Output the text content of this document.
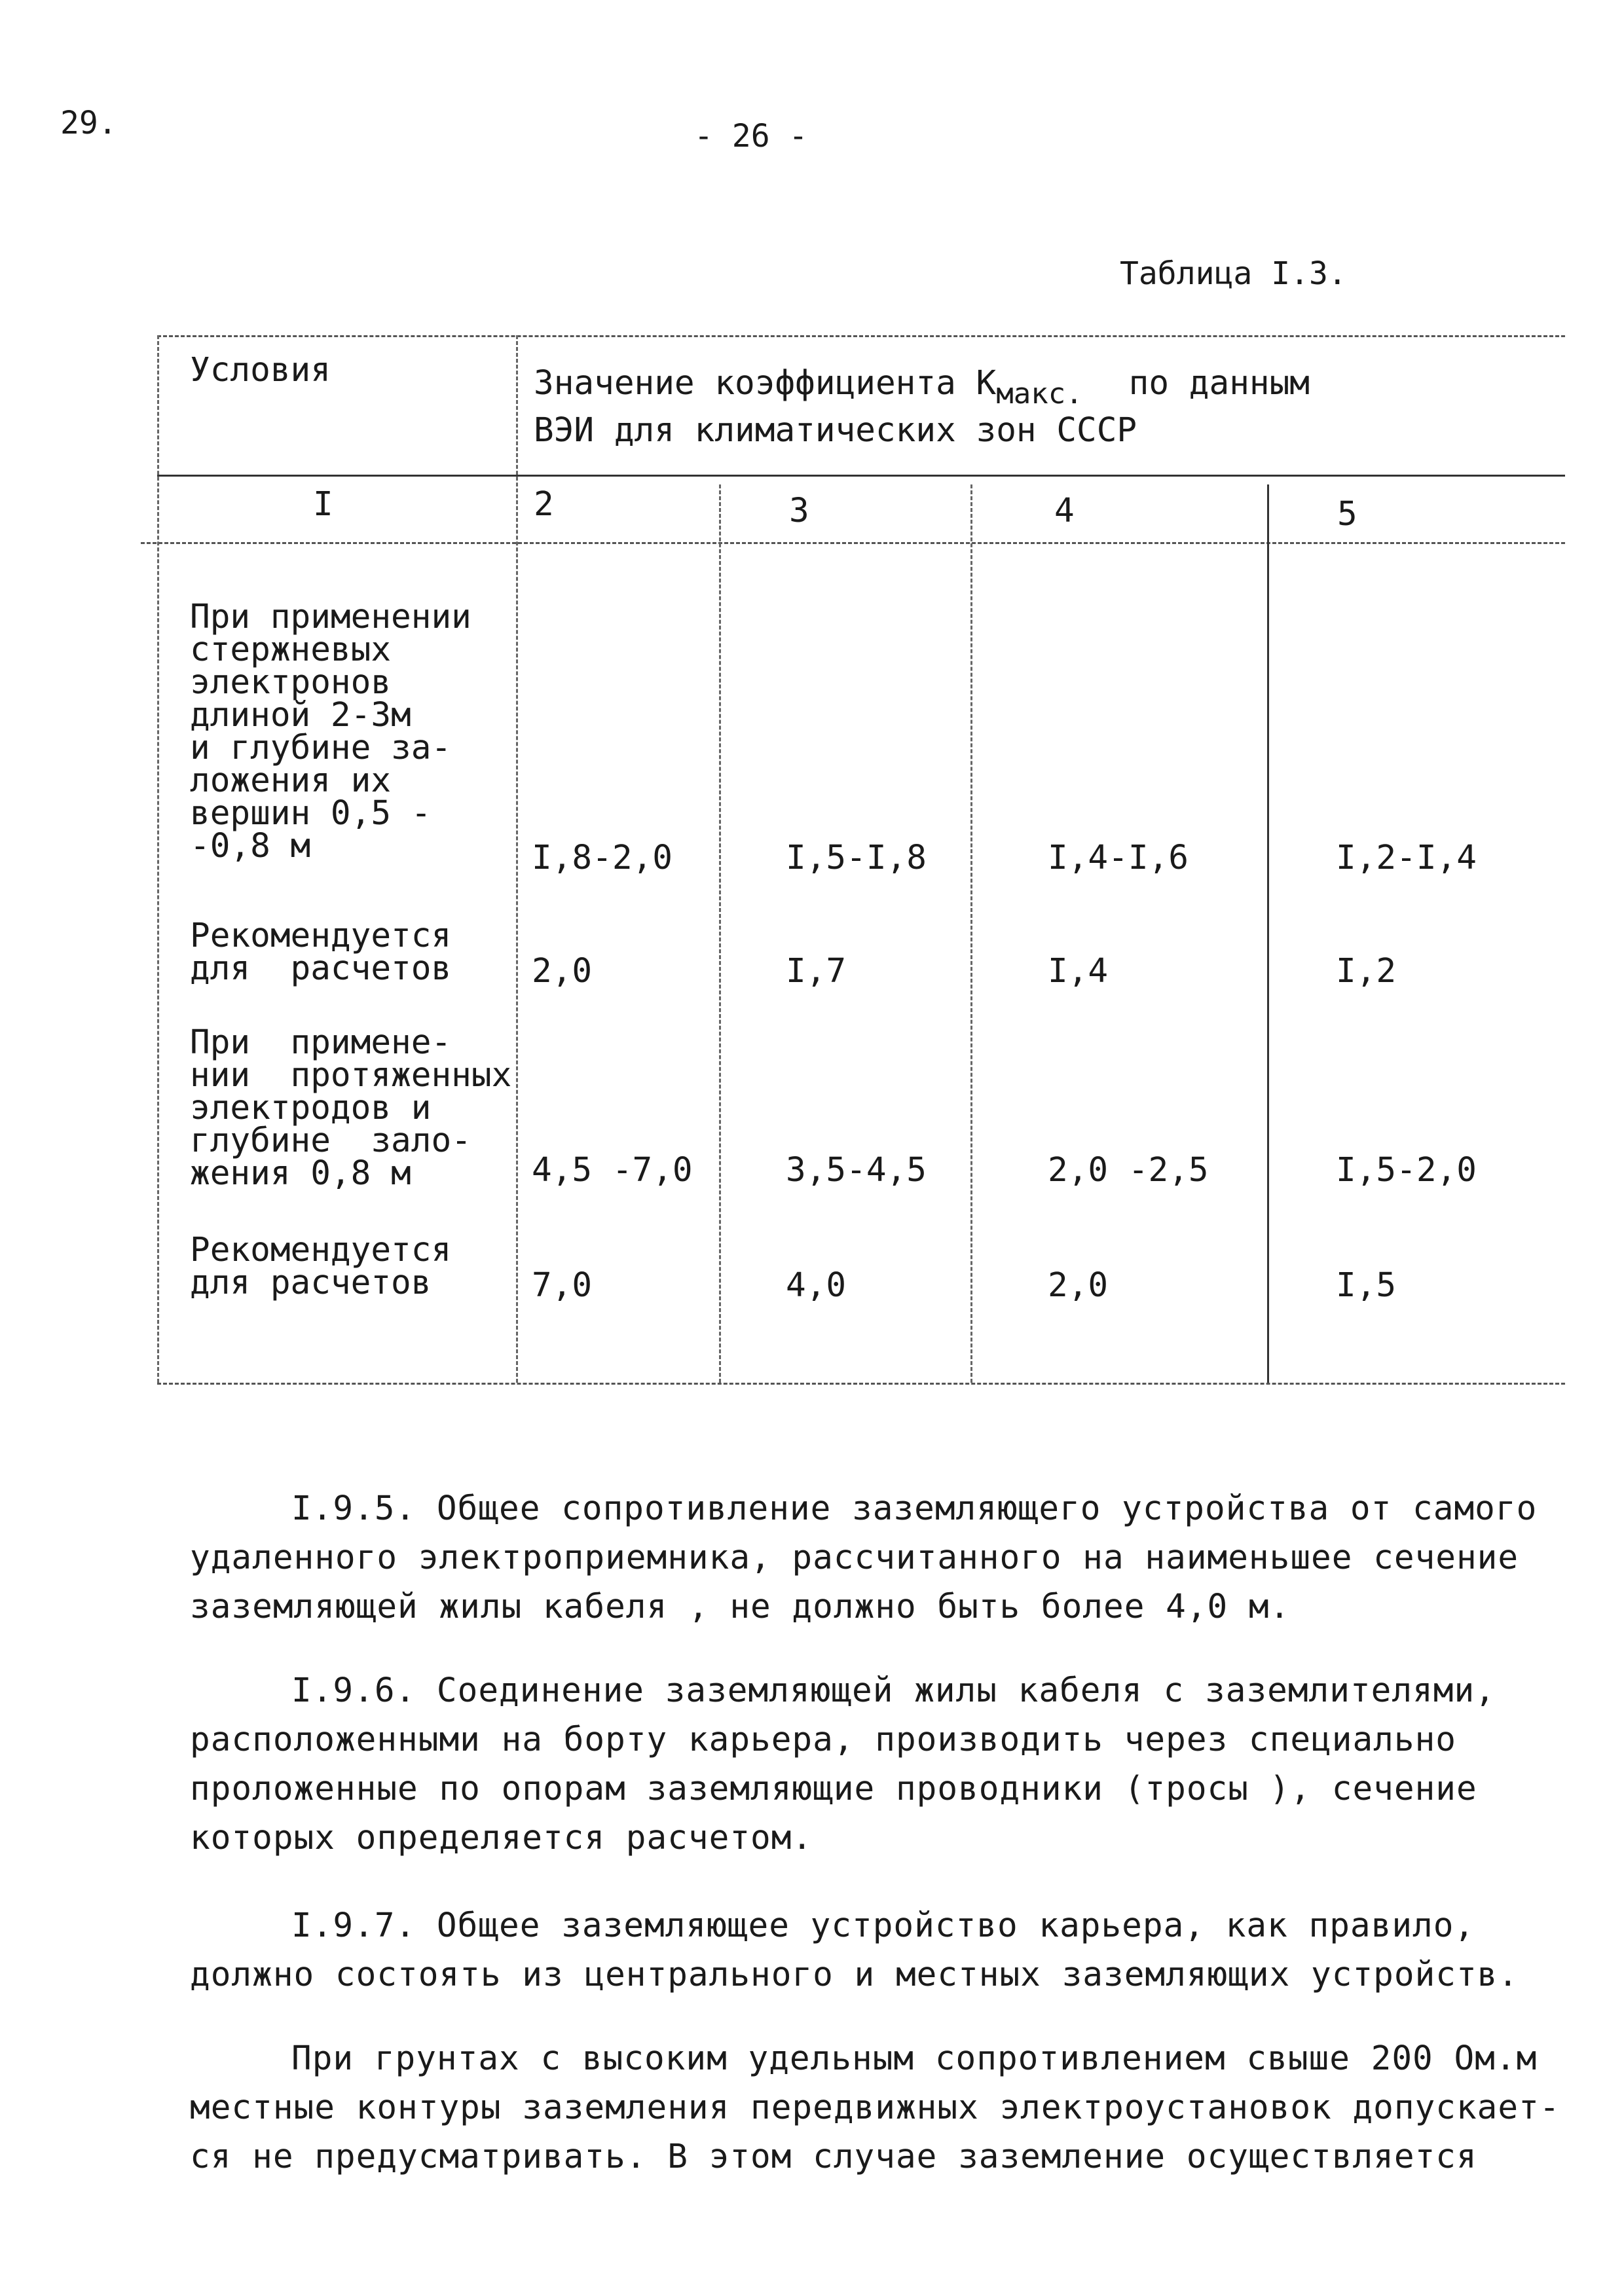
29.	- 26 -
Таблица I.3.
Условия	Значение коэффициента $К_{макс.}$ по данным
ВЭИ для климатических зон СССР
I	2	3	4	5
При применении
стержневых
электронов
длиной 2-3м
и глубине за-
ложения их
вершин 0,5 -
-0,8 м	I,8-2,0	I,5-I,8	I,4-I,6	I,2-I,4
Рекомендуется
для  расчетов 2,0	I,7	I,4	I,2
При  примене-
нии  протяженных
электродов и
глубине  зало-
жения 0,8 м	4,5 -7,0	3,5-4,5	2,0 -2,5	I,5-2,0
Рекомендуется
для расчетов	7,0	4,0	2,0	I,5
I.9.5. Общее сопротивление заземляющего устройства от самого
удаленного электроприемника, рассчитанного на наименьшее сечение
заземляющей жилы кабеля , не должно быть более 4,0 м.
I.9.6. Соединение заземляющей жилы кабеля с заземлителями,
расположенными на борту карьера, производить через специально
проложенные по опорам заземляющие проводники (тросы ), сечение
которых определяется расчетом.
I.9.7. Общее заземляющее устройство карьера, как правило,
должно состоять из центрального и местных заземляющих устройств.
При грунтах с высоким удельным сопротивлением свыше 200 Ом.м
местные контуры заземления передвижных электроустановок допускает-
ся не предусматривать. В этом случае заземление осуществляется
